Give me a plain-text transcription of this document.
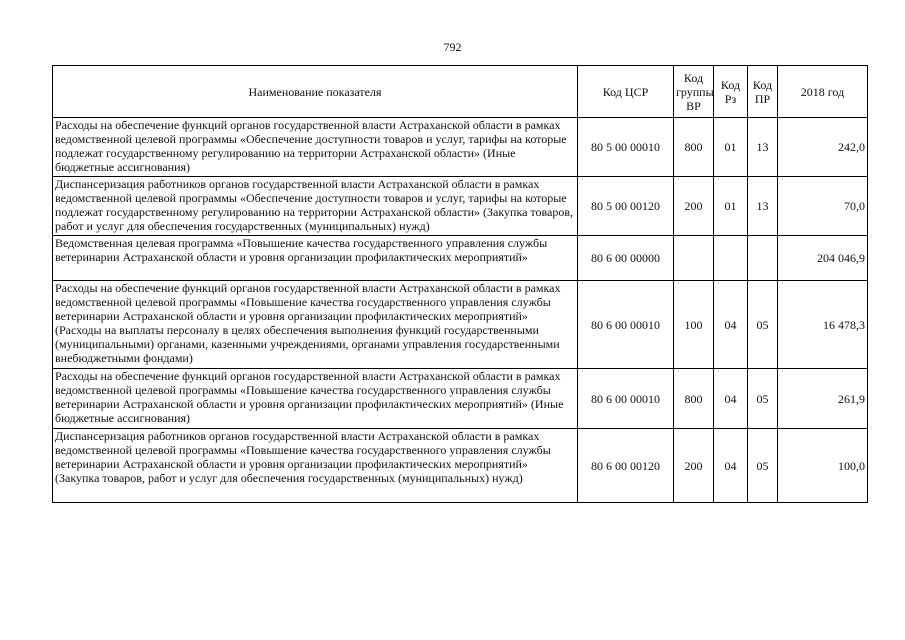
792
Наименование показателя	Код ЦСР	Код группы ВР	Код Рз	Код ПР	2018 год
Расходы на обеспечение функций органов государственной власти Астраханской области в рамках ведомственной целевой программы «Обеспечение доступности товаров и услуг, тарифы на которые подлежат государственному регулированию на территории Астраханской области» (Иные бюджетные ассигнования)	80 5 00 00010	800	01	13	242,0
Диспансеризация работников органов государственной власти Астраханской области в рамках ведомственной целевой программы «Обеспечение доступности товаров и услуг, тарифы на которые подлежат государственному регулированию на территории Астраханской области» (Закупка товаров, работ и услуг для обеспечения государственных (муниципальных) нужд)	80 5 00 00120	200	01	13	70,0
Ведомственная целевая программа «Повышение качества государственного управления службы ветеринарии Астраханской области и уровня организации профилактических мероприятий»	80 6 00 00000				204 046,9
Расходы на обеспечение функций органов государственной власти Астраханской области в рамках ведомственной целевой программы «Повышение качества государственного управления службы ветеринарии Астраханской области и уровня организации профилактических мероприятий» (Расходы на выплаты персоналу в целях обеспечения выполнения функций государственными (муниципальными) органами, казенными учреждениями, органами управления государственными внебюджетными фондами)	80 6 00 00010	100	04	05	16 478,3
Расходы на обеспечение функций органов государственной власти Астраханской области в рамках ведомственной целевой программы «Повышение качества государственного управления службы ветеринарии Астраханской области и уровня организации профилактических мероприятий» (Иные бюджетные ассигнования)	80 6 00 00010	800	04	05	261,9
Диспансеризация работников органов государственной власти Астраханской области в рамках ведомственной целевой программы «Повышение качества государственного управления службы ветеринарии Астраханской области и уровня организации профилактических мероприятий» (Закупка товаров, работ и услуг для обеспечения государственных (муниципальных) нужд)	80 6 00 00120	200	04	05	100,0
